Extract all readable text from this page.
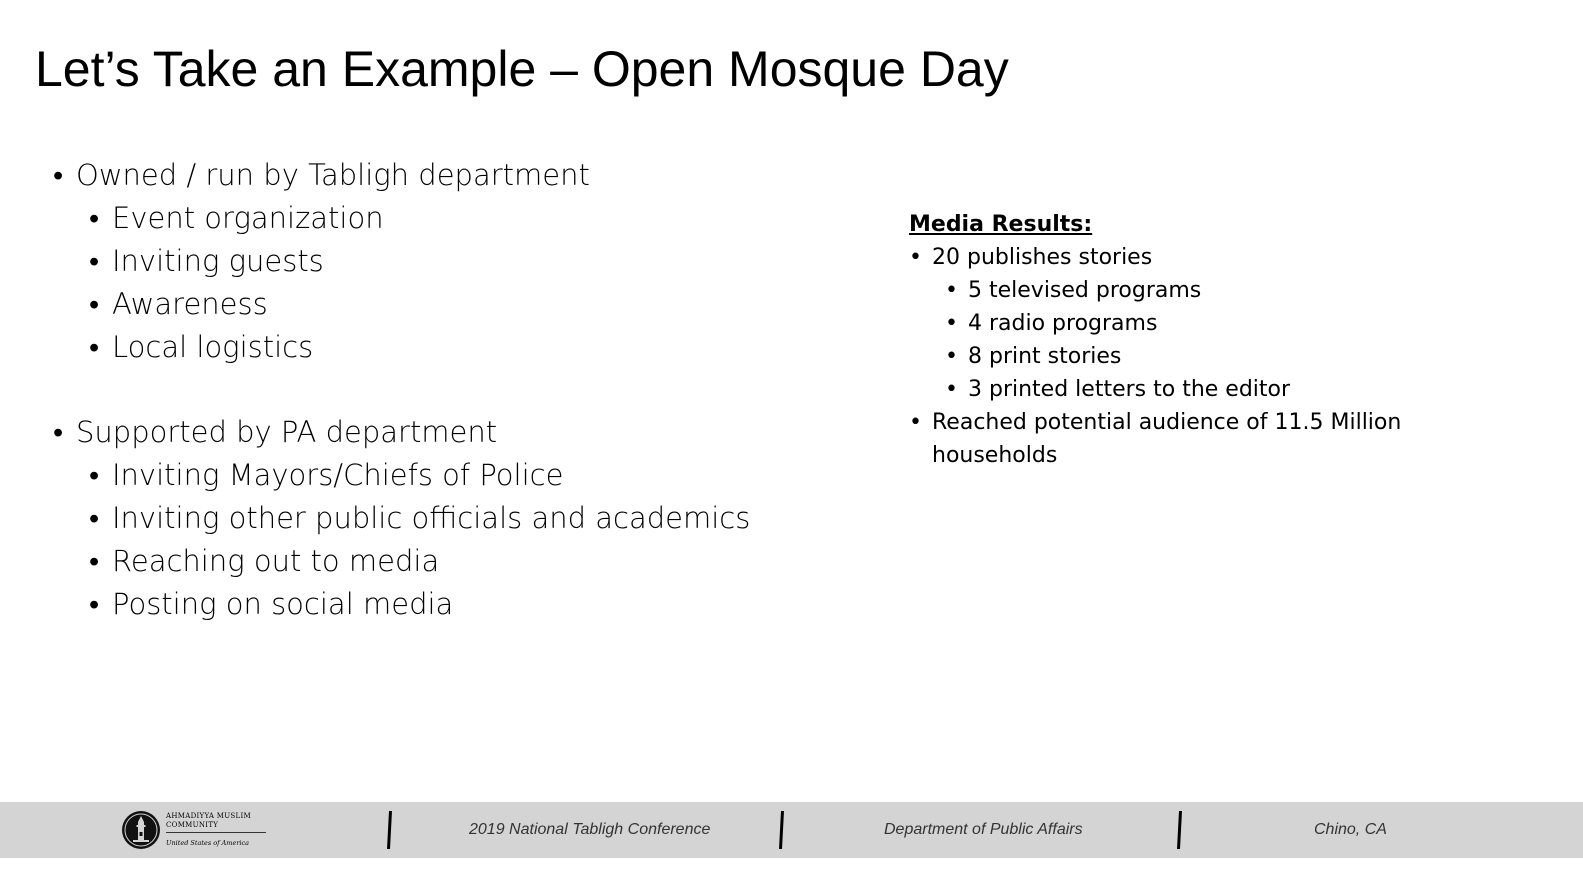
Let’s Take an Example – Open Mosque Day
• Owned / run by Tabligh department
• Event organization
• Inviting guests
• Awareness
• Local logistics
• Supported by PA department
• Inviting Mayors/Chiefs of Police
• Inviting other public officials and academics
• Reaching out to media
• Posting on social media
Media Results:
• 20 publishes stories
• 5 televised programs
• 4 radio programs
• 8 print stories
• 3 printed letters to the editor
• Reached potential audience of 11.5 Million households
AHMADIYYA MUSLIM COMMUNITY
United States of America
2019 National Tabligh Conference	Department of Public Affairs	Chino, CA
